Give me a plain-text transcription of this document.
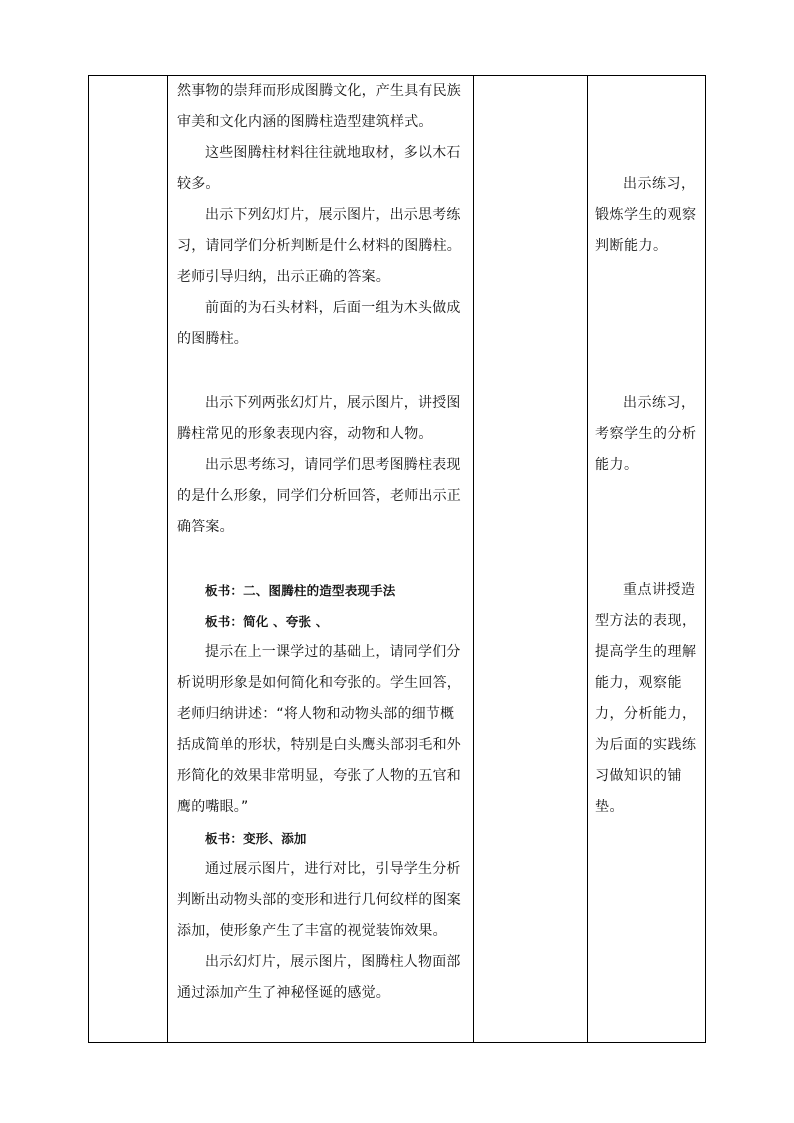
然事物的崇拜而形成图腾文化，产生具有民族审美和文化内涵的图腾柱造型建筑样式。

这些图腾柱材料往往就地取材，多以木石较多。

出示下列幻灯片，展示图片，出示思考练习，请同学们分析判断是什么材料的图腾柱。老师引导归纳，出示正确的答案。

前面的为石头材料，后面一组为木头做成的图腾柱。

出示下列两张幻灯片，展示图片，讲授图腾柱常见的形象表现内容，动物和人物。

出示思考练习，请同学们思考图腾柱表现的是什么形象，同学们分析回答，老师出示正确答案。

板书：二、图腾柱的造型表现手法

板书：简化 、夸张 、

提示在上一课学过的基础上，请同学们分析说明形象是如何简化和夸张的。学生回答，老师归纳讲述：“将人物和动物头部的细节概括成简单的形状，特别是白头鹰头部羽毛和外形简化的效果非常明显，夸张了人物的五官和鹰的嘴眼。”

板书：变形、添加

通过展示图片，进行对比，引导学生分析判断出动物头部的变形和进行几何纹样的图案添加，使形象产生了丰富的视觉装饰效果。

出示幻灯片，展示图片，图腾柱人物面部通过添加产生了神秘怪诞的感觉。

出示练习，锻炼学生的观察判断能力。

出示练习，考察学生的分析能力。

重点讲授造型方法的表现，提高学生的理解能力，观察能力，分析能力，为后面的实践练习做知识的铺垫。
